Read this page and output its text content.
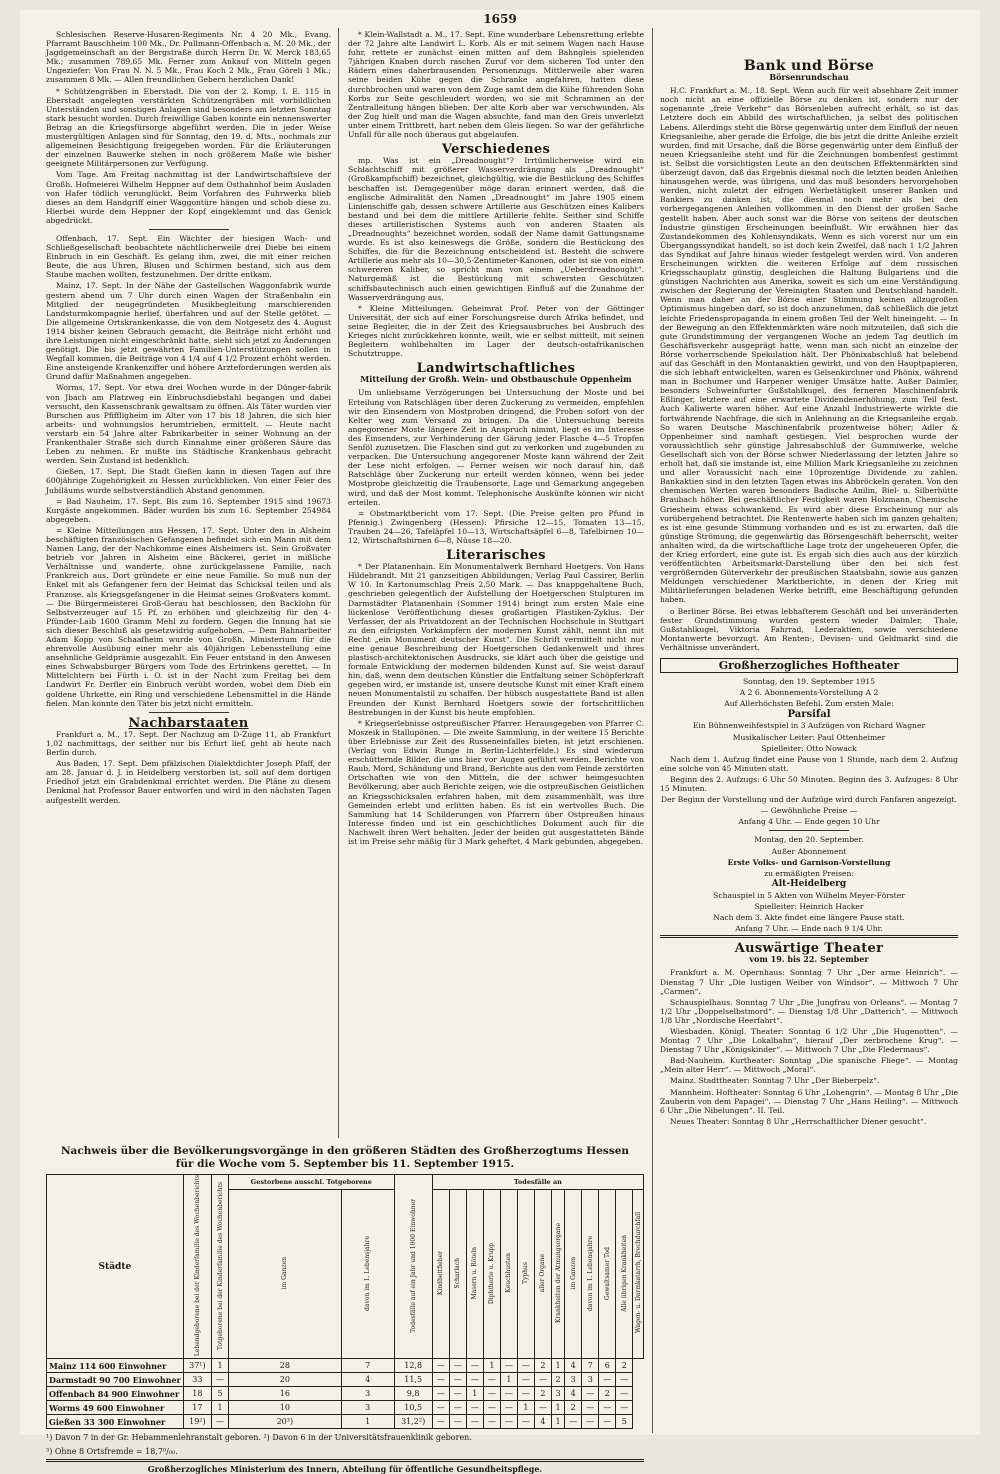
1659

Schlesischen Reserve-Husaren-Regiments Nr. 4 20 Mk., Evang. Pfarramt Bauschheim 100 Mk., Dr. Pullmann-Offenbach a. M. 20 Mk., der Jagdgemeinschaft an der Bergstraße durch Herrn Dr. W. Merck 183,65 Mk.; zusammen 789,65 Mk. Ferner zum Ankauf von Mitteln gegen Ungeziefer: Von Frau N. N. 5 Mk., Frau Koch 2 Mk., Frau Göreli 1 Mk.; zusammen 8 Mk. — Allen freundlichen Gebern herzlichen Dank!

* Schützengräben in Eberstadt. Die von der 2. Komp. I. E. 115 in Eberstadt angelegten verstärkten Schützengräben mit vorbildlichen Unterständen und sonstigen Anlagen sind besonders am letzten Sonntag stark besucht worden. Durch freiwillige Gaben konnte ein nennenswerter Betrag an die Kriegsfürsorge abgeführt werden. Die in jeder Weise mustergültigen Anlagen sind für Sonntag, den 19. d. Mts., nochmals zur allgemeinen Besichtigung freigegeben worden. Für die Erläuterungen der einzelnen Bauwerke stehen in noch größerem Maße wie bisher geeignete Militärpersonen zur Verfügung.

Vom Tage. Am Freitag nachmittag ist der Landwirtschaftsleve der Großh. Hofmeierei Wilhelm Heppner auf dem Osthahnhof beim Ausladen von Hafer tödlich verunglückt. Beim Vorfahren des Fuhrwerks blieb dieses an dem Handgriff einer Waggontüre hängen und schob diese zu. Hierbei wurde dem Heppner der Kopf eingeklemmt und das Genick abgedrückt.

Offenbach, 17. Sept. Ein Wächter der hiesigen Wach- und Schließgesellschaft beobachtete nächtlicherweile drei Diebe bei einem Einbruch in ein Geschäft. Es gelang ihm, zwei, die mit einer reichen Beute, die aus Uhren, Blusen und Schirmen bestand, sich aus dem Staube machen wollten, festzunehmen. Der dritte entkam.

Mainz, 17. Sept. In der Nähe der Gastellschen Waggonfabrik wurde gestern abend um 7 Uhr durch einen Wagen der Straßenbahn ein Mitglied der neugegründeten Musikbegleitung marschierenden Landsturmkompagnie herlief, überfahren und auf der Stelle getötet. — Die allgemeine Ortskrankenkasse, die von dem Notgesetz des 4. August 1914 bisher keinen Gebrauch gemacht, die Beiträge nicht erhöht und ihre Leistungen nicht eingeschränkt hatte, sieht sich jetzt zu Änderungen genötigt. Die bis jetzt gewährten Familien-Unterstützungen sollen in Wegfall kommen, die Beiträge von 4 1/4 auf 4 1/2 Prozent erhöht werden. Eine ansteigende Krankenziffer und höhere Arzteforderungen werden als Grund dafür Maßnahmen angegeben.

Worms, 17. Sept. Vor etwa drei Wochen wurde in der Dünger-fabrik von Jbach am Platzweg ein Einbruchsdiebstahl begangen und dabei versucht, den Kassenschrank gewaltsam zu öffnen. Als Täter wurden vier Burschen aus Pfiffligheim im Alter von 17 bis 18 Jahren, die sich hier arbeits- und wohnungslos herumtrieben, ermittelt. — Heute nacht verstarb ein 54 Jahre alter Fabrikarbeiter in seiner Wohnung an der Frankenthaler Straße sich durch Einnahme einer größeren Säure das Leben zu nehmen. Er mußte ins Städtische Krankenhaus gebracht werden. Sein Zustand ist bedenklich.

Gießen, 17. Sept. Die Stadt Gießen kann in diesen Tagen auf ihre 600jährige Zugehörigkeit zu Hessen zurückblicken. Von einer Feier des Jubiläums wurde selbstverständlich Abstand genommen.

= Bad Nauheim, 17. Sept. Bis zum 16. September 1915 sind 19673 Kurgäste angekommen. Bäder wurden bis zum 16. September 254984 abgegeben.

= Kleine Mitteilungen aus Hessen, 17. Sept. Unter den in Alsheim beschäftigten französischen Gefangenen befindet sich ein Mann mit dem Namen Lang, der der Nachkomme eines Alsheimers ist. Sein Großvater betrieb vor Jahren in Alsheim eine Bäckerei, geriet in mißliche Verhältnisse und wanderte, ohne zurückgelassene Familie, nach Frankreich aus. Dort gründete er eine neue Familie. So muß nun der Enkel mit als Gefangener fern der Heimat das Schicksal teilen und als Franzose, als Kriegsgefangener in die Heimat seines Großvaters kommt. — Die Bürgermeisterei Groß-Gerau hat beschlossen, den Backlohn für Selbstverzeuger auf 15 Pf. zu erhöhen und gleichzeitig für den 4-Pfünder-Laib 1600 Gramm Mehl zu fordern. Gegen die Innung hat sie sich dieser Beschluß als gesetzwidrig aufgehoben. — Dem Bahnarbeiter Adam Kopp von Schaafheim wurde von Großh. Ministerium für die ehrenvolle Ausübung einer mehr als 40jährigen Lebensstellung eine ansehnliche Geldprämie ausgezahlt. Ein Feuer entstand in den Anwesen eines Schwabsburger Bürgers vom Tode des Ertrinkens gerettet. — In Mittelchtern bei Fürth i. O. ist in der Nacht zum Freitag bei dem Landwirt Fr. Derfler ein Einbruch verübt worden, wobei dem Dieb ein goldene Uhrkette, ein Ring und verschiedene Lebensmittel in die Hände fielen. Man konnte den Täter bis jetzt nicht ermitteln.

Nachbarstaaten

Frankfurt a. M., 17. Sept. Der Nachzug am D-Zuge 11, ab Frankfurt 1,02 nachmittags, der seither nur bis Erfurt lief, geht ab heute nach Berlin durch.

Aus Baden, 17. Sept. Dem pfälzischen Dialektdichter Joseph Pfaff, der am 28. Januar d. J. in Heidelberg verstorben ist, soll auf dem dortigen Friedhof jetzt ein Grabdenkmal errichtet werden. Die Pläne zu diesem Denkmal hat Professor Bauer entworfen und wird in den nächsten Tagen aufgestellt werden.

* Klein-Wallstadt a. M., 17. Sept. Eine wunderbare Lebensrettung erlebte der 72 Jahre alte Landwirt L. Korb. Als er mit seinem Wagen nach Hause fuhr, rettete er zunächst einen mitten auf dem Bahngleis spielenden 7jährigen Knaben durch raschen Zuruf vor dem sicheren Tod unter den Rädern eines daherbrausenden Personenzugs. Mittlerweile aber waren seine beiden Kühe gegen die Schranke angefahren, hatten diese durchbrochen und waren von dem Zuge samt dem die Kühe führenden Sohn Korbs zur Seite geschleudert worden, wo sie mit Schrammen an der Zentralleitung hängen blieben. Der alte Korb aber war verschwunden. Als der Zug hielt und man die Wagen absuchte, fand man den Greis unverletzt unter einem Trittbrett, hart neben dem Gleis liegen. So war der gefährliche Unfall für alle noch überaus gut abgelaufen.

Verschiedenes

mp. Was ist ein „Dreadnought“? Irrtümlicherweise wird ein Schlachtschiff mit größerer Wasserverdrängung als „Dreadnought“ (Großkampfschiff) bezeichnet, gleichgültig, wie die Bestückung des Schiffes beschaffen ist. Demgegenüber möge daran erinnert werden, daß die englische Admiralität den Namen „Dreadnought“ im Jahre 1905 einem Linienschiffe gab, dessen schwere Artillerie aus Geschützen eines Kalibers bestand und bei dem die mittlere Artillerie fehlte. Seither sind Schiffe dieses artilleristischen Systems auch von anderen Staaten als „Dreadnoughts“ bezeichnet worden, sodaß der Name damit Gattungsname wurde. Es ist also keineswegs die Größe, sondern die Bestückung des Schiffes, die für die Bezeichnung entscheidend ist. Besteht die schwere Artillerie aus mehr als 10—30,5-Zentimeter-Kanonen, oder ist sie von einem schwereren Kaliber, so spricht man von einem „Ueberdreadnought“. Naturgemäß ist die Bestückung mit schwersten Geschützen schiffsbautechnisch auch einen gewichtigen Einfluß auf die Zunahme der Wasserverdrängung aus.

* Kleine Mitteilungen. Geheimrat Prof. Peter von der Göttinger Universität, der sich auf einer Forschungsreise durch Afrika befindet, und seine Begleiter, die in der Zeit des Kriegsausbruches bei Ausbruch des Krieges nicht zurückkehren konnte, weilt, wie er selbst mitteilt, mit seinen Begleitern wohlbehalten im Lager der deutsch-ostafrikanischen Schutztruppe.

Landwirtschaftliches
Mitteilung der Großh. Wein- und Obstbauschule Oppenheim

Um unliebsame Verzögerungen bei Untersuchung der Moste und bei Erteilung von Ratschlägen über deren Zuckerung zu vermeiden, empfehlen wir den Einsendern von Mostproben dringend, die Proben sofort von der Kelter weg zum Versand zu bringen. Da die Untersuchung bereits angegorener Moste längere Zeit in Anspruch nimmt, liegt es im Interesse des Einsenders, zur Verhinderung der Gärung jeder Flasche 4—5 Tropfen Senföl zuzusetzen. Die Flaschen sind gut zu verkorken und zugebunden zu verpacken. Die Untersuchung angegorener Moste kann während der Zeit der Lese nicht erfolgen. — Ferner weisen wir noch darauf hin, daß Ratschläge über Zuckerung nur erteilt werden können, wenn bei jeder Mostprobe gleichzeitig die Traubensorte, Lage und Gemarkung angegeben wird, und daß der Most kommt. Telephonische Auskünfte können wir nicht erteilen.

= Obstmarktbericht vom 17. Sept. (Die Preise gelten pro Pfund in Pfennig.) Zwingenberg (Hessen): Pfirsiche 12—15, Tomaten 13—15, Trauben 24—26, Tafeläpfel 10—13, Wirtschaftsäpfel 6—8, Tafelbirnen 10—12, Wirtschaftsbirnen 6—8, Nüsse 18—20.

Literarisches

* Der Platanenhain. Ein Monumentalwerk Bernhard Hoetgers. Von Hans Hildebrandt. Mit 21 ganzseitigen Abbildungen, Verlag Paul Cassirer, Berlin W 10. In Kartonumschlag Preis 2,50 Mark. — Das knappgehaltene Buch, geschrieben gelegentlich der Aufstellung der Hoetgerschen Stulpturen im Darmstädter Platanenhain (Sommer 1914) bringt zum ersten Male eine lückenlose Veröffentlichung dieses großartigen Plastiken-Zyklus. Der Verfasser, der als Privatdozent an der Technischen Hochschule in Stuttgart zu den eifrigsten Vorkämpfern der modernen Kunst zählt, nennt ihn mit Recht „ein Monument deutscher Kunst“. Die Schrift vermittelt nicht nur eine genaue Beschreibung der Hoetgerschen Gedankenwelt und ihres plastisch-architektonischen Ausdrucks, sie klärt auch über die geistige und formale Entwicklung der modernen bildenden Kunst auf. Sie weist darauf hin, daß, wenn dem deutschen Künstler die Entfaltung seiner Schöpferkraft gegeben wird, er imstande ist, unsere deutsche Kunst mit einer Kraft einem neuen Monumentalstil zu schaffen. Der hübsch ausgestattete Band ist allen Freunden der Kunst Bernhard Hoetgers sowie der fortschrittlichen Bestrebungen in der Kunst bis heute empfohlen.

* Kriegserlebnisse ostpreußischer Pfarrer. Herausgegeben von Pfarrer C. Moszeik in Stallupönen. — Die zweite Sammlung, in der weitere 15 Berichte über Erlebnisse zur Zeit des Russeneinfalles bieten, ist jetzt erschienen. (Verlag von Edwin Runge in Berlin-Lichterfelde.) Es sind wiederum erschütternde Bilder, die uns hier vor Augen geführt werden. Berichte von Raub, Mord, Schändung und Brand, Berichte aus den vom Feinde zerstörten Ortschaften wie von den Mitteln, die der schwer heimgesuchten Bevölkerung, aber auch Berichte zeigen, wie die ostpreußischen Geistlichen an Kriegsschicksalen erfahren haben, mit dem zusammenhält, was ihre Gemeinden erlebt und erlitten haben. Es ist ein wertvolles Buch. Die Sammlung hat 14 Schilderungen von Pfarrern über Ostpreußen hinaus Interesse finden und ist ein geschichtliches Dokument auch für die Nachwelt ihren Wert behalten. Jeder der beiden gut ausgestatteten Bände ist im Preise sehr mäßig für 3 Mark geheftet, 4 Mark gebunden, abgegeben.

Bank und Börse
Börsenrundschau

H.C. Frankfurt a. M., 18. Sept. Wenn auch für weit absehbare Zeit immer noch nicht an eine offizielle Börse zu denken ist, sondern nur der sogenannte „freie Verkehr“ das Börsenleben aufrecht erhält, so ist das Letztere doch ein Abbild des wirtschaftlichen, ja selbst des politischen Lebens. Allerdings steht die Börse gegenwärtig unter dem Einfluß der neuen Kriegsanleihe, aber gerade die Erfolge, die bis jetzt die dritte Anleihe erzielt wurden, find mit Ursache, daß die Börse gegenwärtig unter dem Einfluß der neuen Kriegsanleihe steht und für die Zeichnungen bombenfest gestimmt ist. Selbst die vorsichtigsten Leute an den deutschen Effektenmärkten sind überzeugt davon, daß das Ergebnis diesmal noch die letzten beiden Anleihen hinausgehen werde, was übrigens, und das muß besonders hervorgehoben werden, nicht zuletzt der eifrigen Werbetätigkeit unserer Banken und Bankiers zu danken ist, die diesmal noch mehr als bei den vorhergegangenen Anleihen vollkommen in den Dienst der großen Sache gestellt haben. Aber auch sonst war die Börse von seitens der deutschen Industrie günstigen Erscheinungen beeinflußt. Wir erwähnen hier das Zustandekommen des Kohlensyndikats. Wenn es sich vorerst nur um ein Übergangssyndikat handelt, so ist doch kein Zweifel, daß nach 1 1/2 Jahren das Syndikat auf Jahre hinaus wieder festgelegt werden wird. Von anderen Erscheinungen wirkten die weiteren Erfolge auf dem russischen Kriegsschauplatz günstig, desgleichen die Haltung Bulgariens und die günstigen Nachrichten aus Amerika, soweit es sich um eine Verständigung zwischen der Regierung der Vereinigten Staaten und Deutschland handelt. Wenn man daher an der Börse einer Stimmung keinen allzugroßen Optimismus hingeben darf, so ist doch anzunehmen, daß schließlich die jetzt leichte Friedenspropaganda in einem großen Teil der Welt hineingeht. — In der Bewegung an den Effektenmärkten wäre noch mitzuteilen, daß sich die gute Grundstimmung der vergangenen Woche an jedem Tag deutlich im Geschäftsverkehr ausgeprägt hatte, wenn man sich nicht an einzelne der Börse vorherrschende Spekulation hält. Der Phönixabschluß hat belebend auf das Geschäft in den Montanaktien gewirkt, und von den Hauptpapieren, die sich lebhaft entwickelten, waren es Gelsenkirchner und Phönix, während man in Bochumer und Harpener weniger Umsätze hatte. Außer Daimler, besonders Schweinfurter Gußstahlkugel, des ferneren Maschinenfabrik Eßlinger, letztere auf eine erwartete Dividendenerhöhung, zum Teil fest. Auch Kaliwerte waren höher. Auf eine Anzahl Industriewerte wirkte die fortwährende Nachfrage, die sich in Anlehnung an die Kriegsanleihe ergab. So waren Deutsche Maschinenfabrik prozentweise höher; Adler & Oppenheimer sind namhaft gestiegen. Viel besprochen wurde der voraussichtlich sehr günstige Jahresabschluß der Gummiwerke, welche Gesellschaft sich von der Börse schwer Niederlassung der letzten Jahre so erholt hat, daß sie imstande ist, eine Million Mark Kriegsanleihe zu zeichnen und aller Voraussicht nach eine 10prozentige Dividende zu zahlen. Bankaktien sind in den letzten Tagen etwas ins Abbröckeln geraten. Von den chemischen Werten waren besonders Badische Anilin, Biel- u. Silberhütte Braubach höher. Bei geschäftlicher Festigkeit waren Holzmann, Chemische Griesheim etwas schwankend. Es wird aber diese Erscheinung nur als vorübergehend betrachtet. Die Rentenwerte haben sich im ganzen gehalten; es ist eine gesunde Stimmung vorhanden und es ist zu erwarten, daß die günstige Strömung, die gegenwärtig das Börsengeschäft beherrscht, weiter anhalten wird, da die wirtschaftliche Lage trotz der ungeheueren Opfer, die der Krieg erfordert, eine gute ist. Es ergab sich dies auch aus der kürzlich veröffentlichten Arbeitsmarkt-Darstellung über den bei sich fest vergrößernden Güterverkehr der preußischen Staatsbahn, sowie aus ganzen Meldungen verschiedener Marktberichte, in denen der Krieg mit Militärlieferungen beladenen Werke betrifft, eine Beschäftigung gefunden haben.

o Berliner Börse. Bei etwas lebhafterem Geschäft und bei unveränderten fester Grundstimmung wurden gestern wieder Daimler, Thale, Gußstahlkugel, Viktoria Fahrrad, Lederaktien, sowie verschiedene Montanwerte bevorzugt. Am Renten-, Devisen- und Geldmarkt sind die Verhältnisse unverändert.

Großherzogliches Hoftheater

Sonntag, den 19. September 1915

A 2 6. Abonnements-Vorstellung A 2

Auf Allerhöchsten Befehl. Zum ersten Male:

Parsifal

Ein Bühnenweihfestspiel in 3 Aufzügen von Richard Wagner

Musikalischer Leiter: Paul Ottenheimer

Spielleiter: Otto Nowack

Nach dem 1. Aufzug findet eine Pause von 1 Stunde, nach dem 2. Aufzug eine solche von 45 Minuten statt.

Beginn des 2. Aufzugs: 6 Uhr 50 Minuten. Beginn des 3. Aufzuges: 8 Uhr 15 Minuten.

Der Beginn der Vorstellung und der Aufzüge wird durch Fanfaren angezeigt.

— Gewöhnliche Preise —

Anfang 4 Uhr. — Ende gegen 10 Uhr

Montag, den 20. September.

Außer Abonnement

Erste Volks- und Garnison-Vorstellung

zu ermäßigten Preisen:

Alt-Heidelberg

Schauspiel in 5 Akten von Wilhelm Meyer-Förster

Spielleiter: Heinrich Hacker

Nach dem 3. Akte findet eine längere Pause statt.

Anfang 7 Uhr. — Ende nach 9 1/4 Uhr.

Auswärtige Theater
vom 19. bis 22. September

Frankfurt a. M. Opernhaus: Sonntag 7 Uhr „Der arme Heinrich“. — Dienstag 7 Uhr „Die lustigen Weiber von Windsor“. — Mittwoch 7 Uhr „Carmen“.

Schauspielhaus. Sonntag 7 Uhr „Die Jungfrau von Orleans“. — Montag 7 1/2 Uhr „Doppelselbstmord“. — Dienstag 1/8 Uhr „Datterich“. — Mittwoch 1/8 Uhr „Nordische Heerfahrt“.

Wiesbaden. Königl. Theater: Sonntag 6 1/2 Uhr „Die Hugenotten“. — Montag 7 Uhr „Die Lokalbahn“, hierauf „Der zerbrochene Krug“. — Dienstag 7 Uhr „Königskinder“. — Mittwoch 7 Uhr „Die Fledermaus“.

Bad-Nauheim. Kurtheater: Sonntag „Die spanische Fliege“. — Montag „Mein alter Herr“. — Mittwoch „Moral“.

Mainz. Stadttheater: Sonntag 7 Uhr „Der Bieberpelz“.

Mannheim. Hoftheater: Sonntag 6 Uhr „Lohengrin“. — Montag 8 Uhr „Die Zauberin von dem Papagei“. — Dienstag 7 Uhr „Hans Heiling“. — Mittwoch 6 Uhr „Die Nibelungen“. II. Teil.

Neues Theater: Sonntag 8 Uhr „Herrschaftlicher Diener gesucht“.

Nachweis über die Bevölkerungsvorgänge in den größeren Städten des Großherzogtums Hessen
für die Woche vom 5. September bis 11. September 1915.
Städte	Lebendgeborene bei der Kinderfamilie des Wochenberichts	Totgeborene bei der Kinderfamilie des Wochenberichts	Gestorbene ausschl. Totgeborene		Todesfälle auf ein Jahr und 1000 Einwohner	Todesfälle an												
			im Ganzen	davon im 1. Lebensjahre		Kindbettfieber	Scharlach	Masern u. Röteln	Diphtherie u. Krupp	Keuchhusten	Typhus	aller Organe	Krankheiten der Atmungsorgane	im Ganzen	davon im 1. Lebensjahre	Gewaltsamer Tod	Alle übrigen Krankheiten	Wagen- u. Darmkatarrh, Brechdurchfall
Mainz 114 600 Einwohner	37¹)	1	28	7	12,8	—	—	—	1	—	—	2	1	4	7	6	2	
Darmstadt 90 700 Einwohner	33	—	20	4	11,5	—	—	—	—	1	—	—	2	3	3	—	—	
Offenbach 84 900 Einwohner	18	5	16	3	9,8	—	—	1	—	—	—	2	3	4	—	2	—	
Worms 49 600 Einwohner	17	1	10	3	10,5	—	—	—	—	—	1	—	1	2	—	—	—	
Gießen 33 300 Einwohner	19²)	—	20³)	1	31,2²)	—	—	—	—	—	—	4	1	—	—	—	5	
¹) Davon 7 in der Gr. Hebammenlehranstalt geboren. ²) Davon 6 in der Universitätsfrauenklinik geboren.
³) Ohne 8 Ortsfremde = 18,7⁰/₀₀.
Großherzogliches Ministerium des Innern, Abteilung für öffentliche Gesundheitspflege.
